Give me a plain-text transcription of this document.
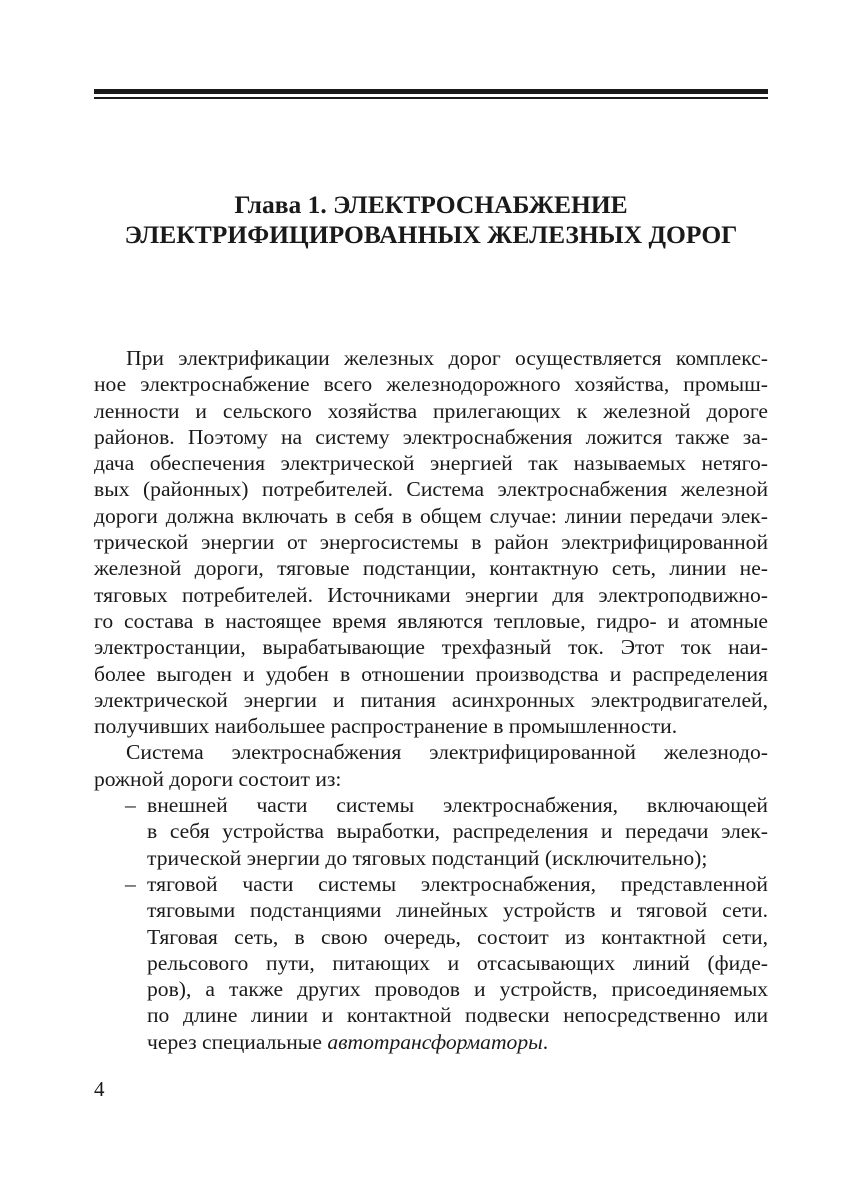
Глава 1. ЭЛЕКТРОСНАБЖЕНИЕ
ЭЛЕКТРИФИЦИРОВАННЫХ ЖЕЛЕЗНЫХ ДОРОГ
При электрификации железных дорог осуществляется комплекс-
ное электроснабжение всего железнодорожного хозяйства, промыш-
ленности и сельского хозяйства прилегающих к железной дороге
районов. Поэтому на систему электроснабжения ложится также за-
дача обеспечения электрической энергией так называемых нетяго-
вых (районных) потребителей. Система электроснабжения железной
дороги должна включать в себя в общем случае: линии передачи элек-
трической энергии от энергосистемы в район электрифицированной
железной дороги, тяговые подстанции, контактную сеть, линии не-
тяговых потребителей. Источниками энергии для электроподвижно-
го состава в настоящее время являются тепловые, гидро- и атомные
электростанции, вырабатывающие трехфазный ток. Этот ток наи-
более выгоден и удобен в отношении производства и распределения
электрической энергии и питания асинхронных электродвигателей,
получивших наибольшее распространение в промышленности.
Система электроснабжения электрифицированной железнодо-
рожной дороги состоит из:
– внешней части системы электроснабжения, включающей
в себя устройства выработки, распределения и передачи элек-
трической энергии до тяговых подстанций (исключительно);
– тяговой части системы электроснабжения, представленной
тяговыми подстанциями линейных устройств и тяговой сети.
Тяговая сеть, в свою очередь, состоит из контактной сети,
рельсового пути, питающих и отсасывающих линий (фиде-
ров), а также других проводов и устройств, присоединяемых
по длине линии и контактной подвески непосредственно или
через специальные автотрансформаторы.
4
